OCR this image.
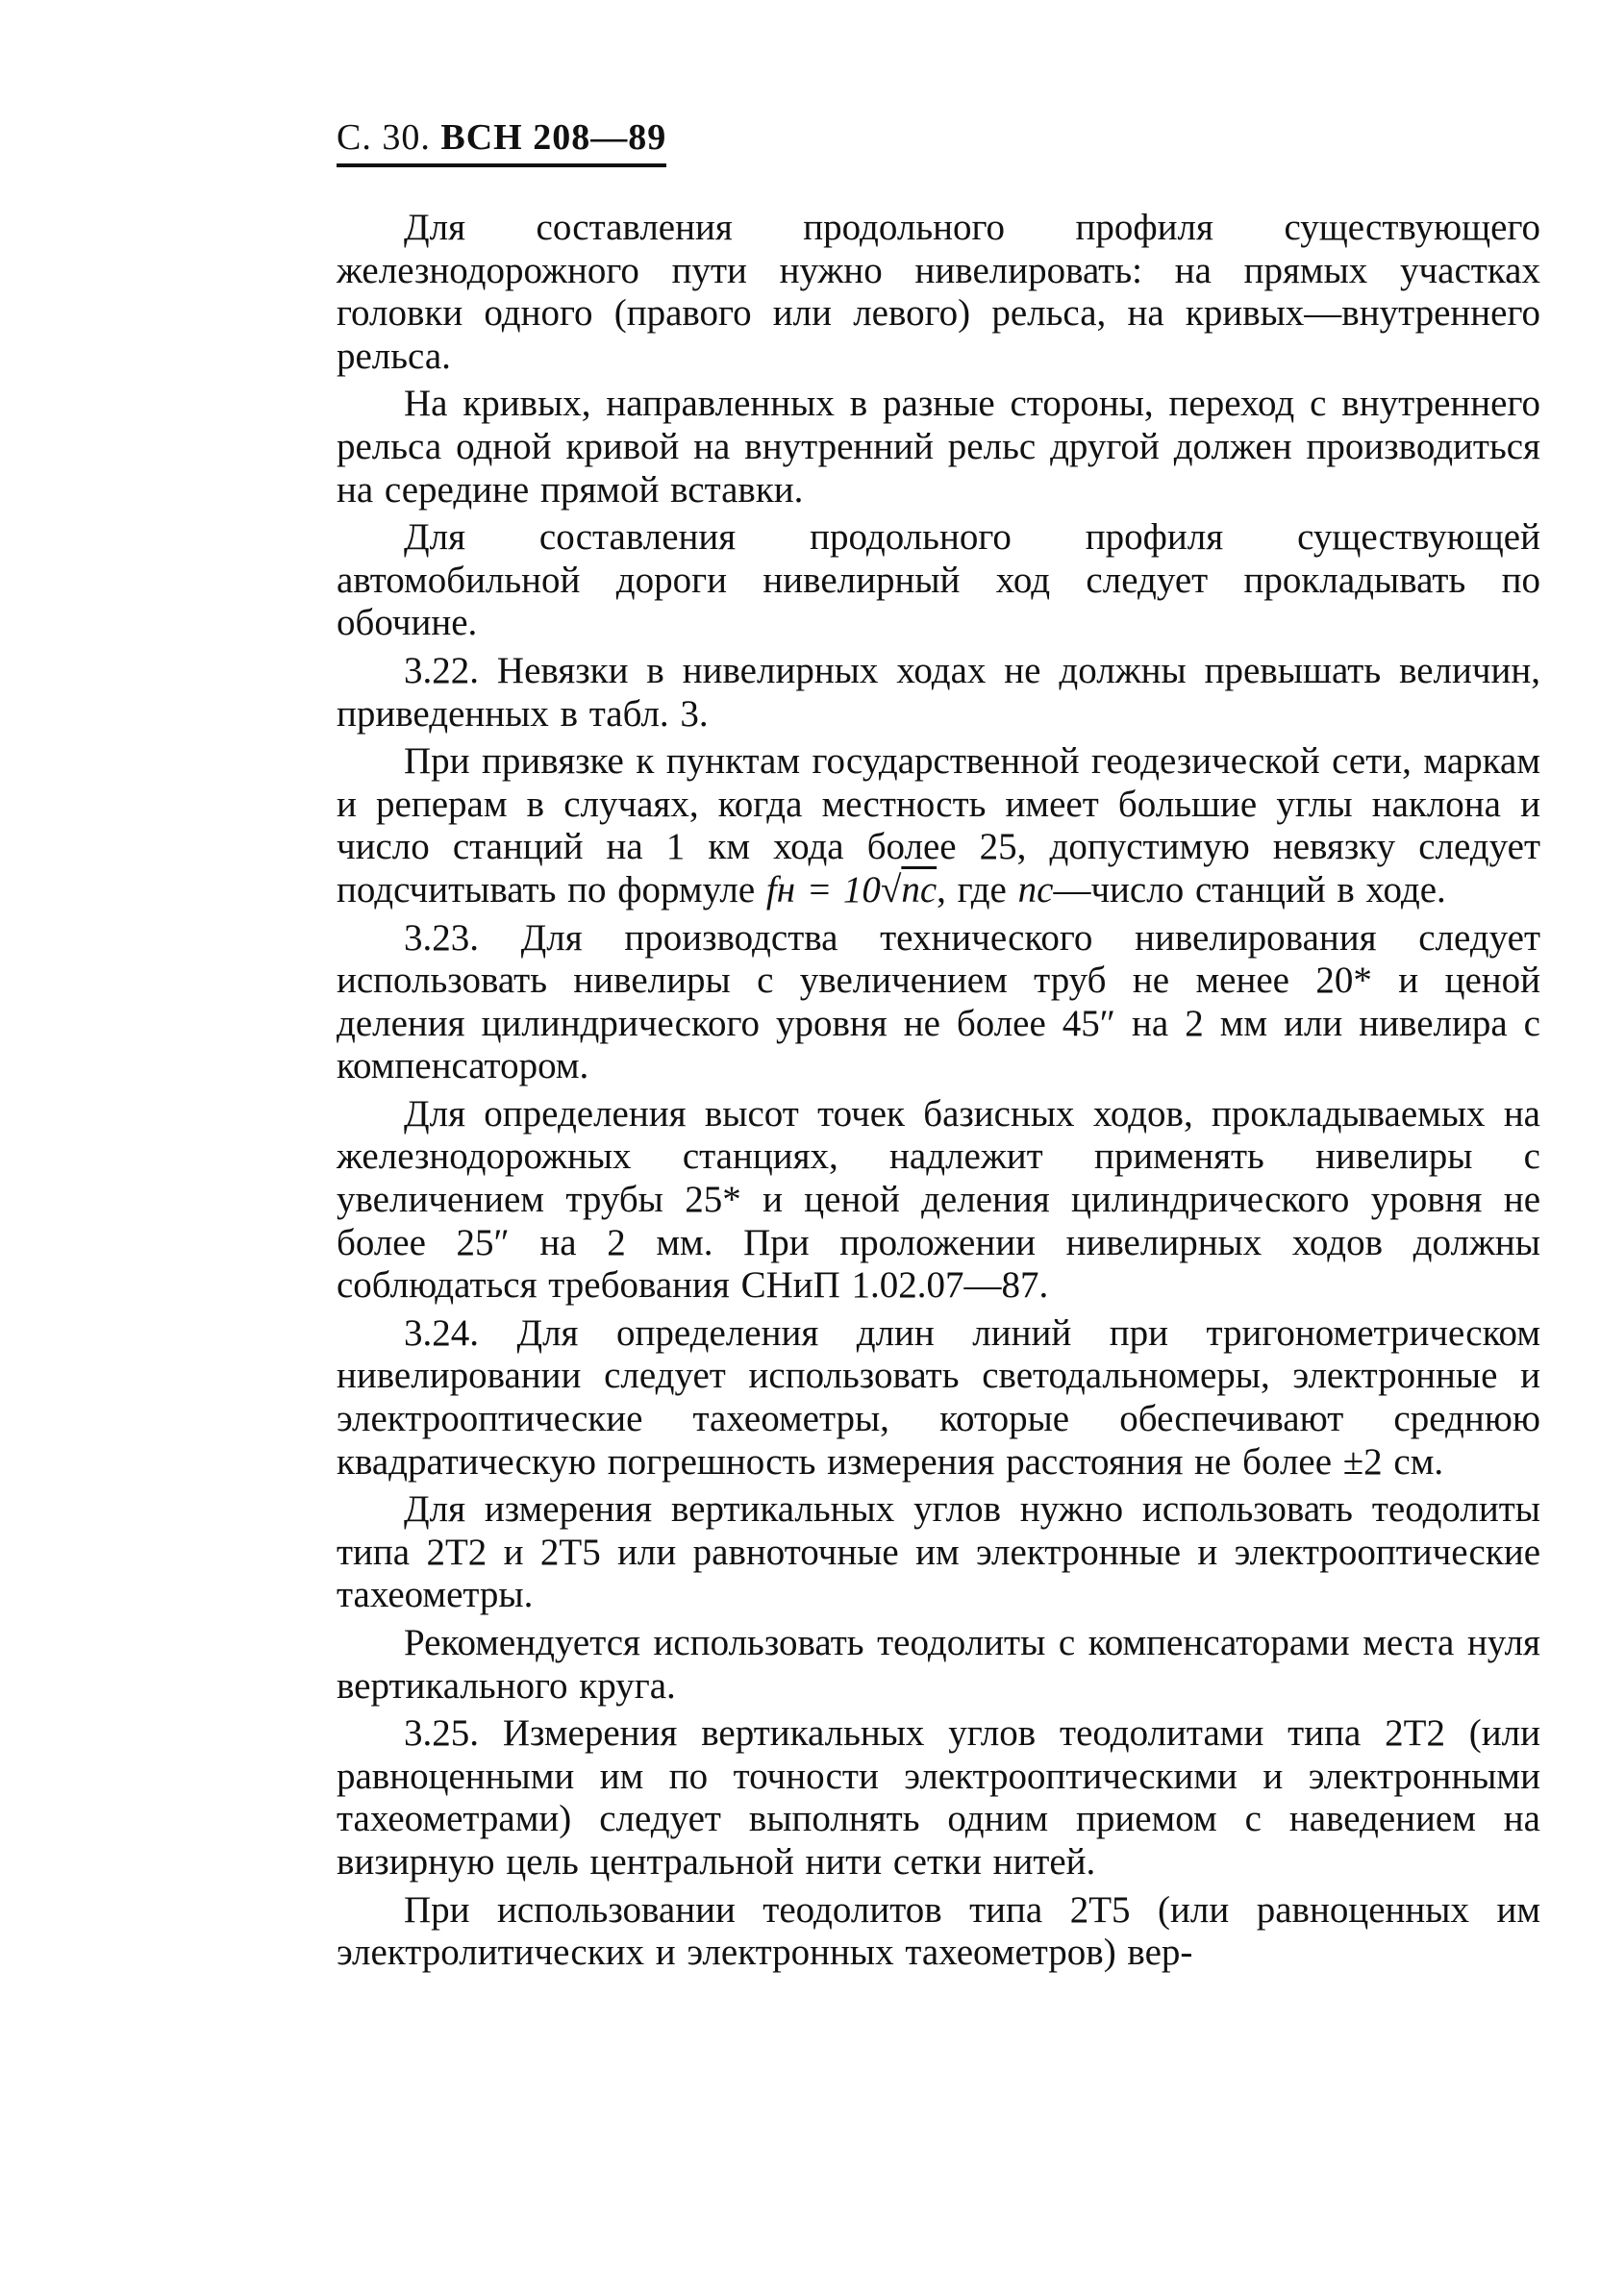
С. 30. ВСН 208—89

Для составления продольного профиля существующего железнодорожного пути нужно нивелировать: на прямых участках головки одного (правого или левого) рельса, на кривых—внутреннего рельса.

На кривых, направленных в разные стороны, переход с внутреннего рельса одной кривой на внутренний рельс другой должен производиться на середине прямой вставки.

Для составления продольного профиля существующей автомобильной дороги нивелирный ход следует прокладывать по обочине.

3.22. Невязки в нивелирных ходах не должны превышать величин, приведенных в табл. 3.

При привязке к пунктам государственной геодезической сети, маркам и реперам в случаях, когда местность имеет большие углы наклона и число станций на 1 км хода более 25, допустимую невязку следует подсчитывать по формуле fн = 10√nс, где nс—число станций в ходе.

3.23. Для производства технического нивелирования следует использовать нивелиры с увеличением труб не менее 20* и ценой деления цилиндрического уровня не более 45″ на 2 мм или нивелира с компенсатором.

Для определения высот точек базисных ходов, прокладываемых на железнодорожных станциях, надлежит применять нивелиры с увеличением трубы 25* и ценой деления цилиндрического уровня не более 25″ на 2 мм. При проложении нивелирных ходов должны соблюдаться требования СНиП 1.02.07—87.

3.24. Для определения длин линий при тригонометрическом нивелировании следует использовать светодальномеры, электронные и электрооптические тахеометры, которые обеспечивают среднюю квадратическую погрешность измерения расстояния не более ±2 см.

Для измерения вертикальных углов нужно использовать теодолиты типа 2Т2 и 2Т5 или равноточные им электронные и электрооптические тахеометры.

Рекомендуется использовать теодолиты с компенсаторами места нуля вертикального круга.

3.25. Измерения вертикальных углов теодолитами типа 2Т2 (или равноценными им по точности электрооптическими и электронными тахеометрами) следует выполнять одним приемом с наведением на визирную цель центральной нити сетки нитей.

При использовании теодолитов типа 2Т5 (или равноценных им электролитических и электронных тахеометров) вер-
